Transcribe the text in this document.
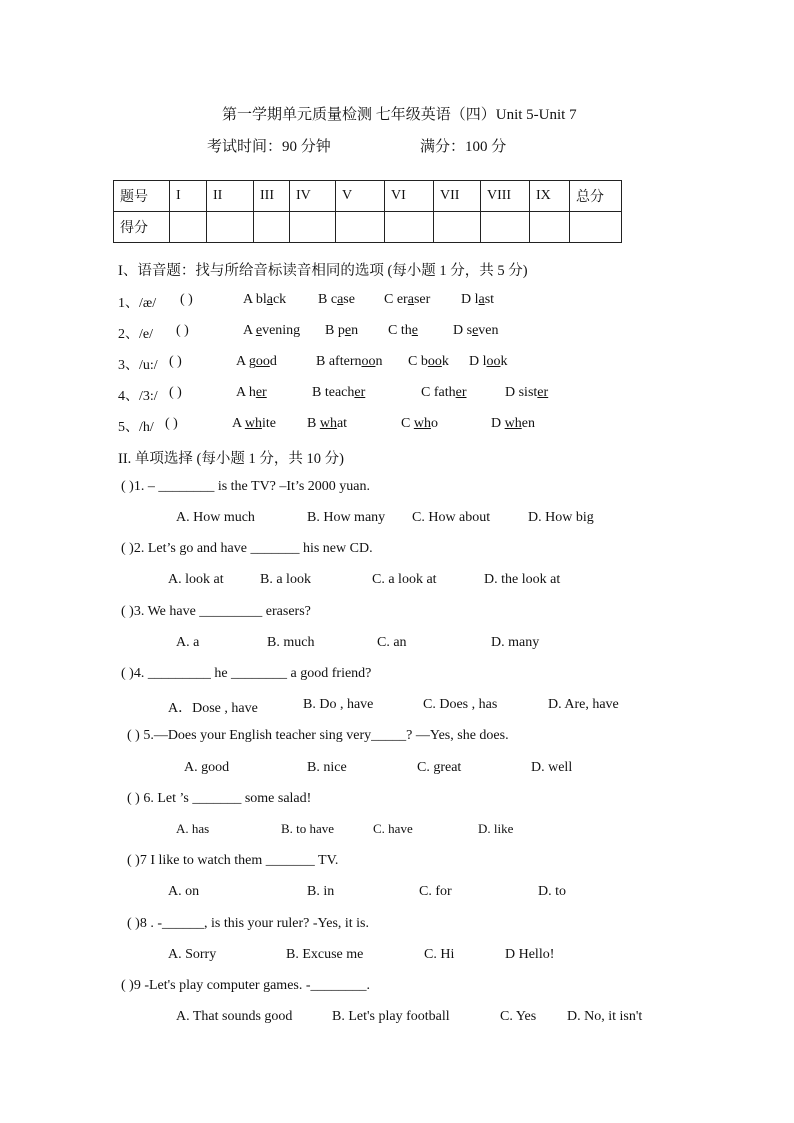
第一学期单元质量检测 七年级英语（四）Unit 5-Unit 7
考试时间：90 分钟	满分：100 分
题号	I	II	III	IV	V	VI	VII	VIII	IX	总分
得分										
I、语音题：找与所给音标读音相同的选项 (每小题 1 分，共 5 分)
1、/æ/ ( )	A black B case C eraser D last
2、/e/ ( )	A evening B pen C the	D seven
3、/u:/ ( )	A good	B afternoon C book D look
4、/3:/ ( )	A her	B teacher	C father	D sister
5、/h/ ( )	A white B what	C who	D when
II. 单项选择 (每小题 1 分，共 10 分)
( )1. – ________ is the TV? –It’s 2000 yuan.
A. How much	B. How many C. How about	D. How big
( )2. Let’s go and have _______ his new CD.
A. look at	B. a look	C. a look at	D. the look at
( )3. We have _________ erasers?
A. a	B. much	C. an	D. many
( )4. _________ he ________ a good friend?
A．Dose , have	B. Do , have	C. Does , has	D. Are, have
( ) 5.—Does your English teacher sing very_____? —Yes, she does.
A. good	B. nice	C. great	D. well
( ) 6. Let ’s _______ some salad!
A. has	B. to have	C. have	D. like
( )7 I like to watch them _______ TV.
A. on	B. in	C. for	D. to
( )8 . -______, is this your ruler? -Yes, it is.
A. Sorry	B. Excuse me	C. Hi	D Hello!
( )9 -Let's play computer games. -________.
A. That sounds good	B. Let's play football	C. Yes D. No, it isn't
